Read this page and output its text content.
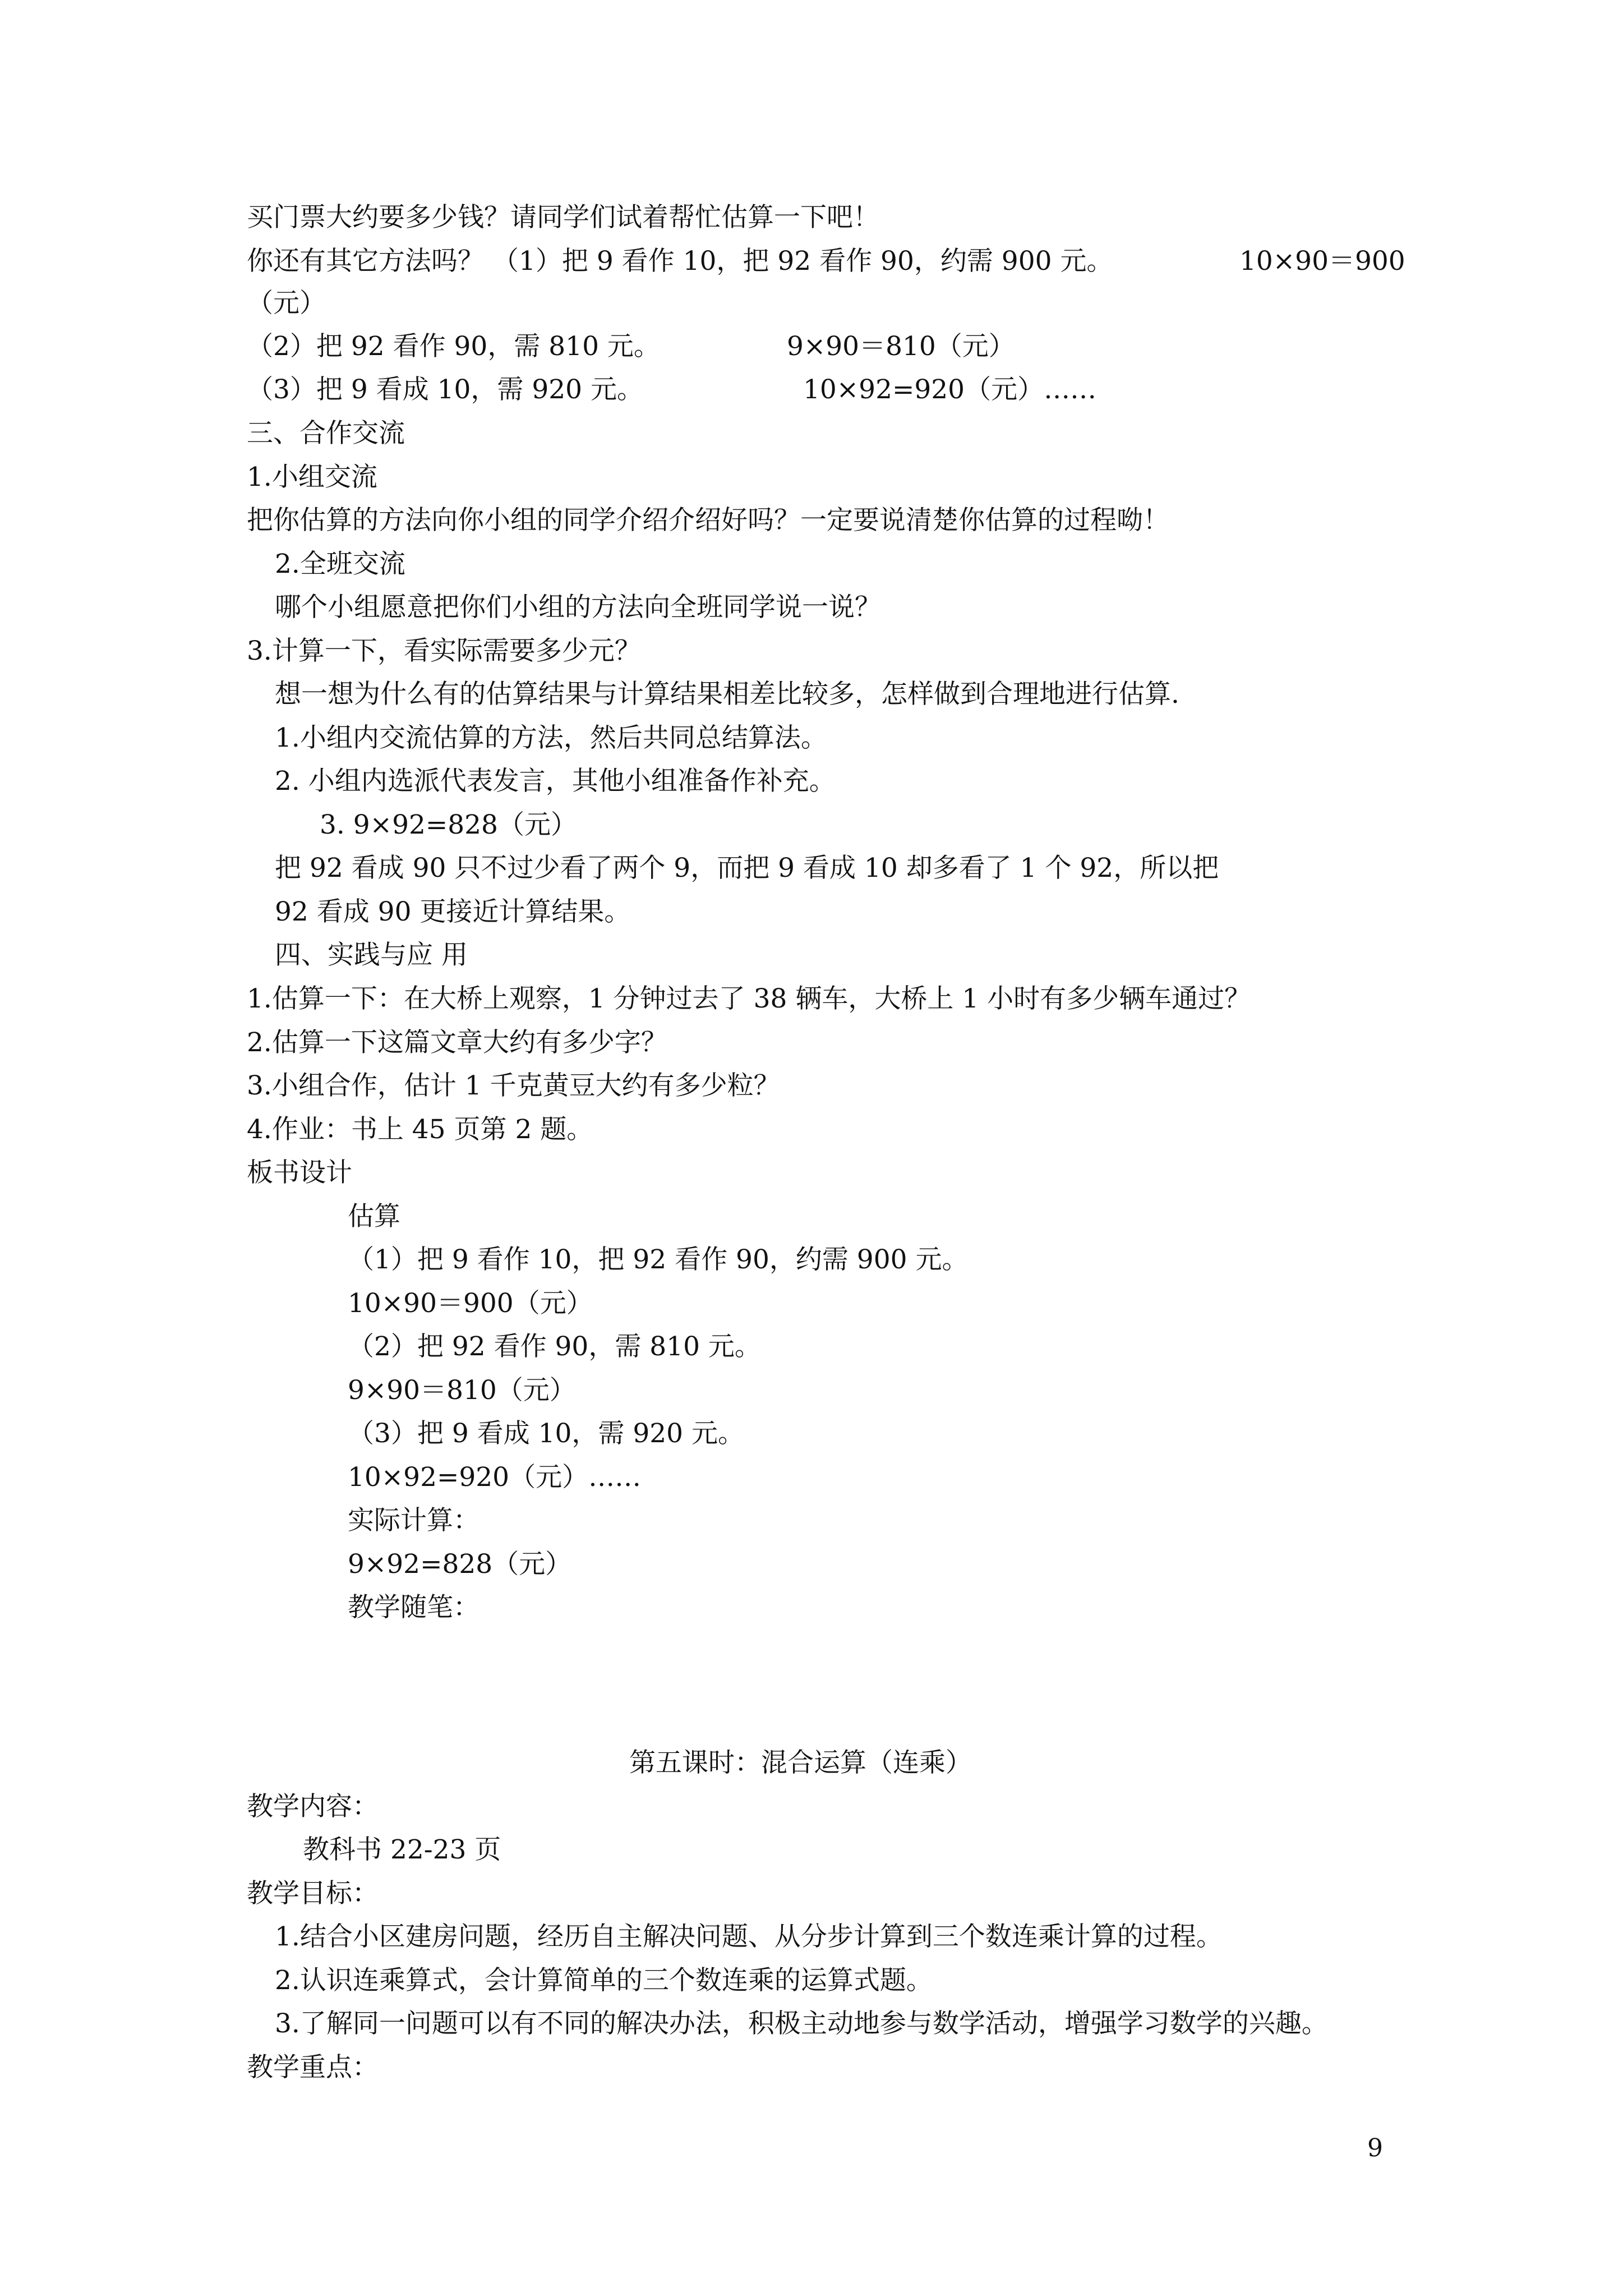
买门票大约要多少钱？请同学们试着帮忙估算一下吧！
你还有其它方法吗？ （1）把 9 看作 10，把 92 看作 90，约需 900 元。	10×90＝900
（元）
（2）把 92 看作 90，需 810 元。	9×90＝810（元）
（3）把 9 看成 10，需 920 元。	10×92=920（元）……
三、合作交流
1.小组交流
把你估算的方法向你小组的同学介绍介绍好吗？一定要说清楚你估算的过程呦！
2.全班交流
哪个小组愿意把你们小组的方法向全班同学说一说？
3.计算一下，看实际需要多少元？
想一想为什么有的估算结果与计算结果相差比较多，怎样做到合理地进行估算.
1.小组内交流估算的方法，然后共同总结算法。
2. 小组内选派代表发言，其他小组准备作补充。
3. 9×92=828（元）
把 92 看成 90 只不过少看了两个 9，而把 9 看成 10 却多看了 1 个 92，所以把
92 看成 90 更接近计算结果。
四、实践与应 用
1.估算一下：在大桥上观察，1 分钟过去了 38 辆车，大桥上 1 小时有多少辆车通过？
2.估算一下这篇文章大约有多少字？
3.小组合作，估计 1 千克黄豆大约有多少粒？
4.作业：书上 45 页第 2 题。
板书设计
估算
（1）把 9 看作 10，把 92 看作 90，约需 900 元。
10×90＝900（元）
（2）把 92 看作 90，需 810 元。
9×90＝810（元）
（3）把 9 看成 10，需 920 元。
10×92=920（元）……
实际计算：
9×92=828（元）
教学随笔：
第五课时：混合运算（连乘）
教学内容：
教科书 22-23 页
教学目标：
1.结合小区建房问题，经历自主解决问题、从分步计算到三个数连乘计算的过程。
2.认识连乘算式，会计算简单的三个数连乘的运算式题。
3.了解同一问题可以有不同的解决办法，积极主动地参与数学活动，增强学习数学的兴趣。
教学重点：
9
